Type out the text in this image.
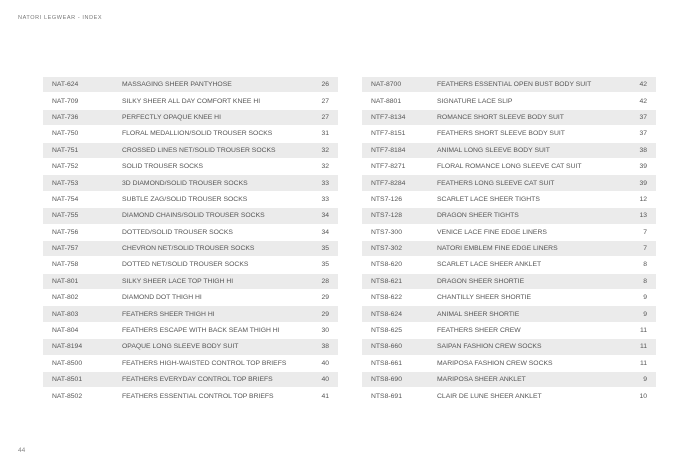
NATORI LEGWEAR - INDEX
NAT-624	MASSAGING SHEER PANTYHOSE	26
NAT-709	SILKY SHEER ALL DAY COMFORT KNEE HI	27
NAT-736	PERFECTLY OPAQUE KNEE HI	27
NAT-750	FLORAL MEDALLION/SOLID TROUSER SOCKS	31
NAT-751	CROSSED LINES NET/SOLID TROUSER SOCKS	32
NAT-752	SOLID TROUSER SOCKS	32
NAT-753	3D DIAMOND/SOLID TROUSER SOCKS	33
NAT-754	SUBTLE ZAG/SOLID TROUSER SOCKS	33
NAT-755	DIAMOND CHAINS/SOLID TROUSER SOCKS	34
NAT-756	DOTTED/SOLID TROUSER SOCKS	34
NAT-757	CHEVRON NET/SOLID TROUSER SOCKS	35
NAT-758	DOTTED NET/SOLID TROUSER SOCKS	35
NAT-801	SILKY SHEER LACE TOP THIGH HI	28
NAT-802	DIAMOND DOT THIGH HI	29
NAT-803	FEATHERS SHEER THIGH HI	29
NAT-804	FEATHERS ESCAPE WITH BACK SEAM THIGH HI	30
NAT-8194	OPAQUE LONG SLEEVE BODY SUIT	38
NAT-8500	FEATHERS HIGH-WAISTED CONTROL TOP BRIEFS	40
NAT-8501	FEATHERS EVERYDAY CONTROL TOP BRIEFS	40
NAT-8502	FEATHERS ESSENTIAL CONTROL TOP BRIEFS	41
NAT-8700	FEATHERS ESSENTIAL OPEN BUST BODY SUIT	42
NAT-8801	SIGNATURE LACE SLIP	42
NTF7-8134	ROMANCE SHORT SLEEVE BODY SUIT	37
NTF7-8151	FEATHERS SHORT SLEEVE BODY SUIT	37
NTF7-8184	ANIMAL LONG SLEEVE BODY SUIT	38
NTF7-8271	FLORAL ROMANCE LONG SLEEVE CAT SUIT	39
NTF7-8284	FEATHERS LONG SLEEVE CAT SUIT	39
NTS7-126	SCARLET LACE SHEER TIGHTS	12
NTS7-128	DRAGON SHEER TIGHTS	13
NTS7-300	VENICE LACE FINE EDGE LINERS	7
NTS7-302	NATORI EMBLEM FINE EDGE LINERS	7
NTS8-620	SCARLET LACE SHEER ANKLET	8
NTS8-621	DRAGON SHEER SHORTIE	8
NTS8-622	CHANTILLY SHEER SHORTIE	9
NTS8-624	ANIMAL SHEER SHORTIE	9
NTS8-625	FEATHERS SHEER CREW	11
NTS8-660	SAIPAN FASHION CREW SOCKS	11
NTS8-661	MARIPOSA FASHION CREW SOCKS	11
NTS8-690	MARIPOSA SHEER ANKLET	9
NTS8-691	CLAIR DE LUNE SHEER ANKLET	10
44
